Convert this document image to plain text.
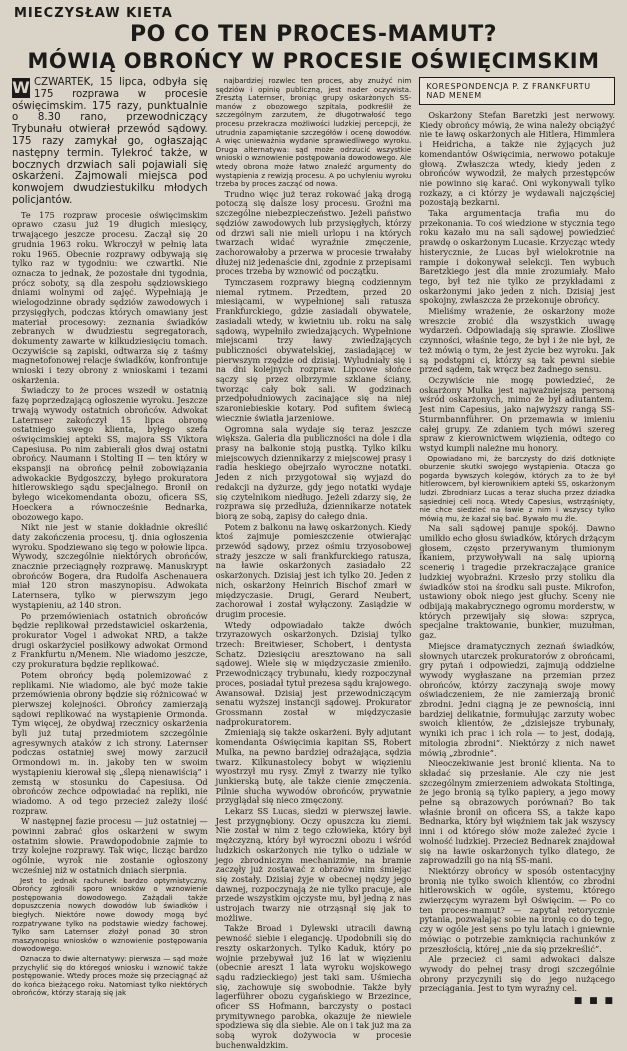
MIECZYSŁAW KIETA
PO CO TEN PROCES-MAMUT?
MÓWIĄ OBROŃCY W PROCESIE OŚWIĘCIMSKIM
W CZWARTEK, 15 lipca, odbyła się 175 rozprawa w procesie oświęcimskim. 175 razy, punktualnie o 8.30 rano, przewodniczący Trybunału otwierał przewód sądowy. 175 razy zamykał go, ogłaszając następny termin. Tylekroć także, w bocznych drzwiach sali pojawiali się oskarżeni. Zajmowali miejsca pod konwojem dwudziestukilku młodych policjantów.

Te 175 rozpraw procesie oświęcimskim oprawo czasu już 19 długich miesięcy, trwającego jeszcze procesu. Zaczął się 20 grudnia 1963 roku. Wkroczył w pełnię lata roku 1965. Obecnie rozprawy odbywają się tylko raz w tygodniu: we czwartki. Nie oznacza to jednak, że pozostałe dni tygodnia, prócz soboty, są dla zespołu sędziowskiego dniami wolnymi od zajęć. Wypełniają je wielogodzinne obrady sędziów zawodowych i przysięgłych, podczas których omawiany jest materiał procesowy: zeznania świadków zebranych w dwudziestu segregatorach, dokumenty zawarte w kilkudziesięciu tomach. Oczywiście są zapiski, odtwarza się z taśmy magnetofonowej relacje świadków, konfrontuje wnioski i tezy obrony z wnioskami i tezami oskarżenia.

Świadczy to że proces wszedł w ostatnią fazę poprzedzającą ogłoszenie wyroku. Jeszcze trwają wywody ostatnich obrońców. Adwokat Laternser zakończył 15 lipca obronę ostatniego swego klienta, byłego szefa oświęcimskiej apteki SS, majora SS Viktora Capesiusa. Po nim zabierali głos dwaj ostatni obrońcy. Naumann i Stolting II — ten który w ekspansji na obrońcę pełnił zobowiązania adwokackie Bydgoszczy, byłego prokuratora hitlerowskiego sądu specjalnego. Bronił on byłego wicekomendanta obozu, oficera SS, Hoeckera a równocześnie Bednarka, obozowego kapo.

Nikt nie jest w stanie dokładnie określić daty zakończenia procesu, tj. dnia ogłoszenia wyroku. Spodziewano się tego w połowie lipca. Wywody, szczególnie niektórych obrońców, znacznie przeciągnęły rozprawę. Manuskrypt obrońców Bogera, dra Rudolfa Aschenauera miał 120 stron maszynopisu. Adwokata Laternsera, tylko w pierwszym jego wystąpieniu, aż 140 stron.

Po przemówieniach ostatnich obrońców będzie replikował przedstawiciel oskarżenia, prokurator Vogel i adwokat NRD, a także drugi oskarżyciel posiłkowy adwokat Ormond z Frankfurtu n/Menem. Nie wiadomo jeszcze, czy prokuratura będzie replikować.

Potem obrońcy będą polemizować z replikami. Nie wiadomo, ale być może takie przemówienia obrony będzie się różnicować w pierwszej kolejności. Obrońcy zamierzają sądowi replikować na wystąpienie Ormonda. Tym więcej, że obydwaj rzecznicy oskarżenia byli już tutaj przedmiotem szczególnie agresywnych ataków z ich strony. Laternser podczas ostatniej swej mowy zarzucił Ormondowi m. in. jakoby ten w swoim wystąpieniu kierował się „ślepą nienawiścią” i zemstą w stosunku do Capesiusa. Od obrońców zechce odpowiadać na repliki, nie wiadomo. A od tego przecież zależy ilość rozpraw.

W następnej fazie procesu — już ostatniej — powinni zabrać głos oskarżeni w swym ostatnim słowie. Prawdopodobnie zajmie to trzy kolejne rozprawy. Tak więc, licząc bardzo ogólnie, wyrok nie zostanie ogłoszony wcześniej niż w ostatnich dniach sierpnia.

Jest to jednak rachunek bardzo optymistyczny. Obrońcy zgłosili sporo wniosków o wznowienie postępowania dowodowego. Zażądali także dopuszczenia nowych dowodów lub świadków i biegłych. Niektóre nowe dowody mogą być rozpatrywane tylko na podstawie wiedzy fachowej. Tylko sam Laternser złożył ponad 30 stron maszynopisu wniosków o wznowienie postępowania dowodowego.

Oznacza to dwie alternatywy: pierwsza — sąd może przychylić się do któregoś wniosku i wznowić także postępowanie. Wtedy proces może się przeciągnąć aż do końca bieżącego roku. Natomiast tylko niektórych obrońców, którzy starają się jak

najbardziej rozwlec ten proces, aby znużyć nim sędziów i opinię publiczną, jest nader oczywista. Zresztą Laternser, broniąc grupy oskarżonych SS-manów z obozowego szpitala, podkreślił że szczególnym zarzutem, że długotrwałość tego procesu przekracza możliwości ludzkiej percepcji, że utrudnia zapamiętanie szczegółów i ocenę dowodów. A więc unieważnia wydanie sprawiedliwego wyroku. Druga alternatywa: sąd może odrzucić wszystkie wnioski o wznowienie postępowania dowodowego. Ale wtedy obrona może łatwo znaleźć argumenty do wystąpienia z rewizją procesu. A po uchyleniu wyroku trzeba by proces zacząć od nowa.

Trudno więc już teraz rokować jaką drogą potoczą się dalsze losy procesu. Groźni ma szczególne niebezpieczeństwo. Jeżeli państwo sędziów zawodowych lub przysięgłych, którzy od drzwi sali nie mieli urlopu i na których twarzach widać wyraźnie zmęczenie, zachorowałoby a przerwa w procesie trwałaby dłużej niż jedenaście dni, zgodnie z przepisami proces trzeba by wznowić od początku.

Tymczasem rozprawy biegną codziennym niemal rytmem. Przedtem, przed 20 miesiącami, w wypełnionej sali ratusza Frankfurckiego, gdzie zasiadali obywatele, zasiadali wtedy, w kwietniu ub. roku na salę sądową, wypełniło zwiedzających. Wypełnione miejscami trzy ławy zwiedzających publiczności obywatelskiej, zasiadającej w pierwszym rzędzie od dzisiaj. Wyludniały się i na dni kolejnych rozpraw. Lipcowe słońce sączy się przez olbrzymie szklane ściany, tworząc cały bok sali. W godzinach przedpołudniowych zacinające się na niej szaroniebieskie kotary. Pod sufitem świecą wiecznie światła jarzeniowe.

Ogromna sala wydaje się teraz jeszcze większa. Galeria dla publiczności na dole i dla prasy na balkonie stoją pustką. Tylko kilku miejscowych dziennikarzy z miejscowej prasy i radia heskiego obejrzało wyroczne notatki. Jeden z nich przygotował się wyjazd do redakcji na dyżurze, gdy jego notatki wydaje się czytelnikom niedługo. Jeżeli zdarzy się, że rozprawa się przedłuża, dziennikarze notatek biorą ze sobą, zapisy do całego dnia.

Potem z balkonu na ławę oskarżonych. Kiedy ktoś zajmuje pomieszczenie otwierając przewód sądowy, przez ośmiu trzyosobowej straży jeszcze w sali frankfurckiego ratusza, na ławie oskarżonych zasiadało 22 oskarżonych. Dzisiaj jest ich tylko 20. Jeden z nich, oskarżony Heinrich Bischof zmarł w międzyczasie. Drugi, Gerard Neubert, zachorował i został wyłączony. Zasiądzie w drugim procesie.

Wtedy odpowiadało także dwóch trzyrazowych oskarżonych. Dzisiaj tylko trzech: Breitwieser, Schobert, i dentysta Schatz. Dziesięciu aresztowano na sali sądowej. Wiele się w międzyczasie zmieniło. Przewodniczący trybunału, kiedy rozpoczynał proces, posiadał tytuł prezesa sądu krajowego. Awansował. Dzisiaj jest przewodniczącym senatu wyższej instancji sądowej. Prokurator Grossmann został w międzyczasie nadprokuratorem.

Zmieniają się także oskarżeni. Były adjutant komendanta Oświęcimia kapitan SS, Robert Mulka, na pewno bardziej odrażająca, sędzia twarz. Kilkunastolecy bobyt w więzieniu wyostrzył mu rysy. Zmył z twarzy nie tylko junkierską butę, ale także cienie zmęczenia. Pilnie słucha wywodów obrońców, prywatnie przyglądał się nieco zmęczony.

Lekarz SS Lucas, siedzi w pierwszej ławie. Jest przygnębiony. Oczy opuszcza ku ziemi. Nie został w nim z tego człowieka, który był mężczyzną, który był wyroczni obozu i wśród ludzkich oskarżonych nie tylko o udziale w jego zbrodniczym mechanizmie, na bramie zaczęły już zostawać z obrazów nim śmiejąc się zostały. Dzisiaj żyje w obecnej nędzy jego dawnej, rozpoczynają że nie tylko pracuje, ale przede wszystkim ojczyste mu, był jedną z nas ustrojach twarzy nie otrząsnął się jak to możliwe.

Także Broad i Dylewski utracili dawną pewność siebie i elegancję. Upodobnili się do reszty oskarżonych. Tylko Kaduk, który po wojnie przebywał już 16 lat w więzieniu (obecnie areszt 1 lata wyroku wojskowego sądu radzieckiego) jest taki sam. Uśmiecha się, zachowuje się swobodnie. Także były lagerführer obozu cygańskiego w Brzezince, oficer SS Hofmann, barczysty o postaci prymitywnego parobka, okazuje że niewiele spodziewa się dla siebie. Ale on i tak już ma za sobą wyrok dożywocia w procesie buchenwaldzkim.

KORESPONDENCJA P. Z FRANKFURTU NAD MENEM

Oskarżony Stefan Baretzki jest nerwowy. Kiedy obrońcy mówią, że wina należy obciążyć nie te ławę oskarżonych ale Hitlera, Himmlera i Heidricha, a także nie żyjących już komendantów Oświęcimia, nerwowo potakuje głową. Zwłaszcza wtedy, kiedy jeden z obrońców wywodził, że małych przestępców nie powinno się karać. Oni wykonywali tylko rozkazy, a ci którzy je wydawali najczęściej pozostają bezkarni.

Taka argumentacja trafia mu do przekonania. To coś wiedzione w stycznia tego roku kazało mu na sali sądowej powiedzieć prawdę o oskarżonym Lucasie. Krzycząc wtedy histerycznie, że Lucas był wielokrotnie na rampie i dokonywał selekcji. Ten wybuch Baretzkiego jest dla mnie zrozumiały. Mało tego, był też nie tylko ze przykładami z oskarżonymi jako jeden z nich. Dzisiaj jest spokojny, zwłaszcza że przekonuje obrońcy.

Mieliśmy wrażenie, że oskarżony może wreszcie zrobić dla wszystkich uwagę wydarzeń. Odpowiadają się sprawie. Złośliwe czynności, właśnie tego, że był i że nie był, że też mówią o tym, że jest życie bez wyroku. Jak są podstępni ci, którzy są tak pewni siebie przed sądem, tak wręcz bez żadnego sensu.

Oczywiście nie mogę powiedzieć, że oskarżony Mulka jest najważniejszą personą wśród oskarżonych, mimo że był adiutantem. Jest nim Capesius, jako najwyższy rangą SS-Sturmbannführer. On przemawia w imieniu całej grupy. Ze zdaniem tych mówi szereg spraw z kierownictwem więzienia, odtego co wstyd kumpli należne mu honory.

Opowiadano mi, że barczysty do dziś dotknięte oburzenie skutki swojego wystąpienia. Otacza go pogarda bywszych kolegów, których za to że był hitlerowcem, był kierownikiem apteki SS, oskarżonym ludzi. Zbrodniarz Lucas a teraz słucha przez dziadka sąsiedniej celi nocą. Wtedy Capesius, wstrząśnięty, nie chce siedzieć na ławie z nim i wszyscy tylko mówią mu, że kazał się bać. Bywało mu źle.

Na sali sądowej panuje spokój. Dawno umilkło echo głosu świadków, których drżącym głosem, często przerywanym tłumionym łkaniem, przywoływali na salę upiorną scenerię i tragedie przekraczające granice ludzkiej wyobraźni. Krzesło przy stoliku dla świadków stoi na środku sali puste. Mikrofon, ustawiony obok niego jest głuchy. Sceny nie odbijają makabrycznego ogromu morderstw, w których przewijały się słowa: szpryca, specjalne traktowanie, bunkier, muzułman, gaz.

Miejsce dramatycznych zeznań świadków, słownych utarczek prokuratorów z obrońcami, gry pytań i odpowiedzi, zajmują oddzielne wywody wygłaszane na przemian przez obrońców, którzy zaczynają swoje mowy oświadczeniem, że nie zamierzają bronić zbrodni. Jedni ciągną je ze pewnością, inni bardziej delikatnie, formułując zarzuty wobec swoich klientów, że „dzisiejsze trybunały, wyniki ich prac i ich rola — to jest, dodają, mitologia zbrodni”. Niektórzy z nich nawet mówią „zbrodnie”.

Nieoczekiwanie jest bronić klienta. Na to składać się przesłanie. Ale czy nie jest szczególnym zmierzeniem adwokata Stoltinga, że jego bronią są tylko papiery, a jego mowy pełne są obrazowych porównań? Bo tak właśnie bronił on oficera SS, a także kapo Bednarka, który był więźniem tak jak wszyscy inni i od którego słów może zależeć życie i wolność ludzkiej. Przecież Bednarek znajdował się na ławie oskarżonych tylko dlatego, że zaprowadzili go na nią SS-mani.

Niektórzy obrońcy w sposób ostentacyjny bronią nie tylko swoich klientów, co zbrodni hitlerowskich w ogóle, systemu, którego zwierzęcym wyrazem był Oświęcim. — Po co ten proces-mamut? — zapytał retorycznie pytania, pozwalając sobie na ironię co do tego, czy w ogóle jest sens po tylu latach i gniewnie mówiąc o potrzebie zamknięcia rachunków z przeszłością, której „nie da się przekreślić”.

Ale przecież ci sami adwokaci dalsze wywody do pełnej trasy drogi szczególnie obrony przyczynili się do jego nużącego przeciągania. Jest to tym wyraźny cel.

■ ■ ■
